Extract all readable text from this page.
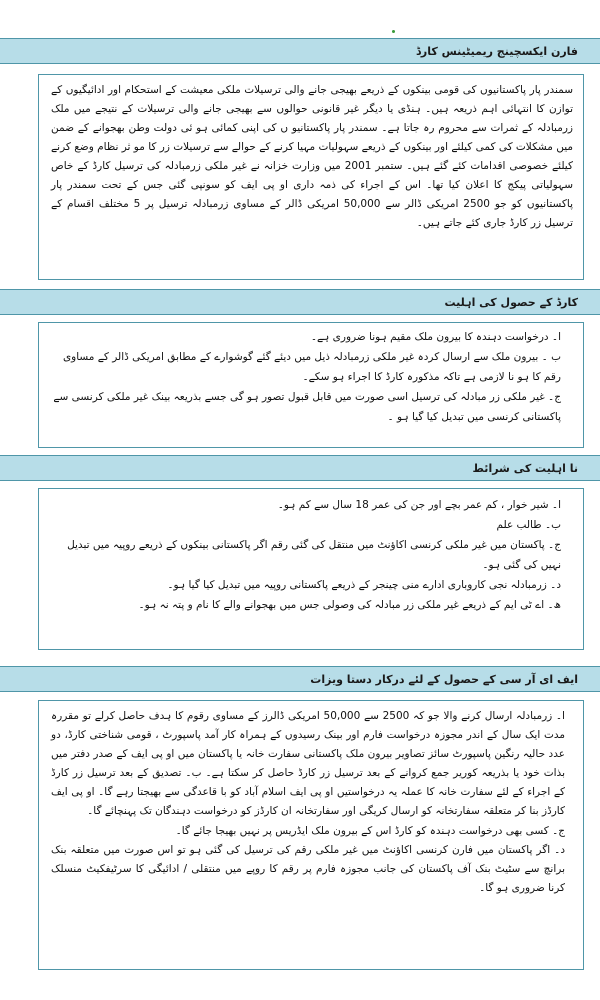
فارن ایکسچینج ریمیٹینس کارڈ

سمندر پار پاکستانیوں کی قومی بینکوں کے ذریعے بھیجی جانے والی ترسیلات ملکی معیشت کے استحکام اور ادائیگیوں کے توازن کا انتہائی اہم ذریعہ ہیں۔ ہنڈی یا دیگر غیر قانونی حوالوں سے بھیجی جانے والی ترسیلات کے نتیجے میں ملک زرمبادلہ کے ثمرات سے محروم رہ جاتا ہے۔ سمندر پار پاکستانیو ں کی اپنی کمائی ہو ئی دولت وطن بھجوانے کے ضمن میں مشکلات کی کمی کیلئے اور بینکوں کے ذریعے سہولیات مہیا کرنے کے حوالے سے ترسیلات زر کا مو ثر نظام وضع کرنے کیلئے خصوصی اقدامات کئے گئے ہیں۔ ستمبر 2001 میں وزارت خزانہ نے غیر ملکی زرمبادلہ کی ترسیل کارڈ کے خاص سہولیاتی پیکج کا اعلان کیا تھا۔ اس کے اجراء کی ذمہ داری او پی ایف کو سونپی گئی جس کے تحت سمندر پار پاکستانیوں کو جو 2500 امریکی ڈالر سے 50,000 امریکی ڈالر کے مساوی زرمبادلہ ترسیل پر 5 مختلف اقسام کے ترسیل زر کارڈ جاری کئے جاتے ہیں۔

کارڈ کے حصول کی اہلیت

ا۔ درخواست دہندہ کا بیرون ملک مقیم ہونا ضروری ہے۔

ب ۔ بیرون ملک سے ارسال کردہ غیر ملکی زرمبادلہ ذیل میں دیئے گئے گوشوارے کے مطابق امریکی ڈالر کے مساوی رقم کا ہو نا لازمی ہے تاکہ مذکورہ کارڈ کا اجراء ہو سکے۔

ج۔ غیر ملکی زر مبادلہ کی ترسیل اسی صورت میں قابل قبول تصور ہو گی جسے بذریعہ بینک غیر ملکی کرنسی سے پاکستانی کرنسی میں تبدیل کیا گیا ہو ۔

نا اہلیت کی شرائط

ا۔ شیر خوار ، کم عمر بچے اور جن کی عمر 18 سال سے کم ہو۔

ب۔ طالب علم

ج۔ پاکستان میں غیر ملکی کرنسی اکاؤنٹ میں منتقل کی گئی رقم اگر پاکستانی بینکوں کے ذریعے روپیہ میں تبدیل نہیں کی گئی ہو۔

د۔ زرمبادلہ نجی کاروباری ادارے منی چینجر کے ذریعے پاکستانی روپیہ میں تبدیل کیا گیا ہو۔

ھ۔ اے ٹی ایم کے ذریعے غیر ملکی زر مبادلہ کی وصولی جس میں بھجوانے والے کا نام و پتہ نہ ہو۔

ایف ای آر سی کے حصول کے لئے درکار دستا ویزات

ا۔ زرمبادلہ ارسال کرنے والا جو کہ 2500 سے 50,000 امریکی ڈالرز کے مساوی رقوم کا ہدف حاصل کرلے تو مقررہ مدت ایک سال کے اندر مجوزہ درخواست فارم اور بینک رسیدوں کے ہمراہ کار آمد پاسپورٹ ، قومی شناختی کارڈ، دو عدد حالیہ رنگین پاسپورٹ سائز تصاویر بیرون ملک پاکستانی سفارت خانہ یا پاکستان میں او پی ایف کے صدر دفتر میں بذات خود یا بذریعہ کوریر جمع کروانے کے بعد ترسیل زر کارڈ حاصل کر سکتا ہے۔ ب۔ تصدیق کے بعد ترسیل زر کارڈ کے اجراء کے لئے سفارت خانہ کا عملہ یہ درخواستیں او پی ایف اسلام آباد کو با قاعدگی سے بھیجتا رہے گا۔ او پی ایف کارڈز بنا کر متعلقہ سفارتخانہ کو ارسال کریگی اور سفارتخانہ ان کارڈز کو درخواست دہندگان تک پہنچائے گا۔

ج۔ کسی بھی درخواست دہندہ کو کارڈ اس کے بیرون ملک ایڈریس پر نہیں بھیجا جائے گا۔

د۔ اگر پاکستان میں فارن کرنسی اکاؤنٹ میں غیر ملکی رقم کی ترسیل کی گئی ہو تو اس صورت میں متعلقہ بنک برانچ سے سٹیٹ بنک آف پاکستان کی جانب مجوزہ فارم پر رقم کا روپے میں منتقلی / ادائیگی کا سرٹیفکیٹ منسلک کرنا ضروری ہو گا۔
